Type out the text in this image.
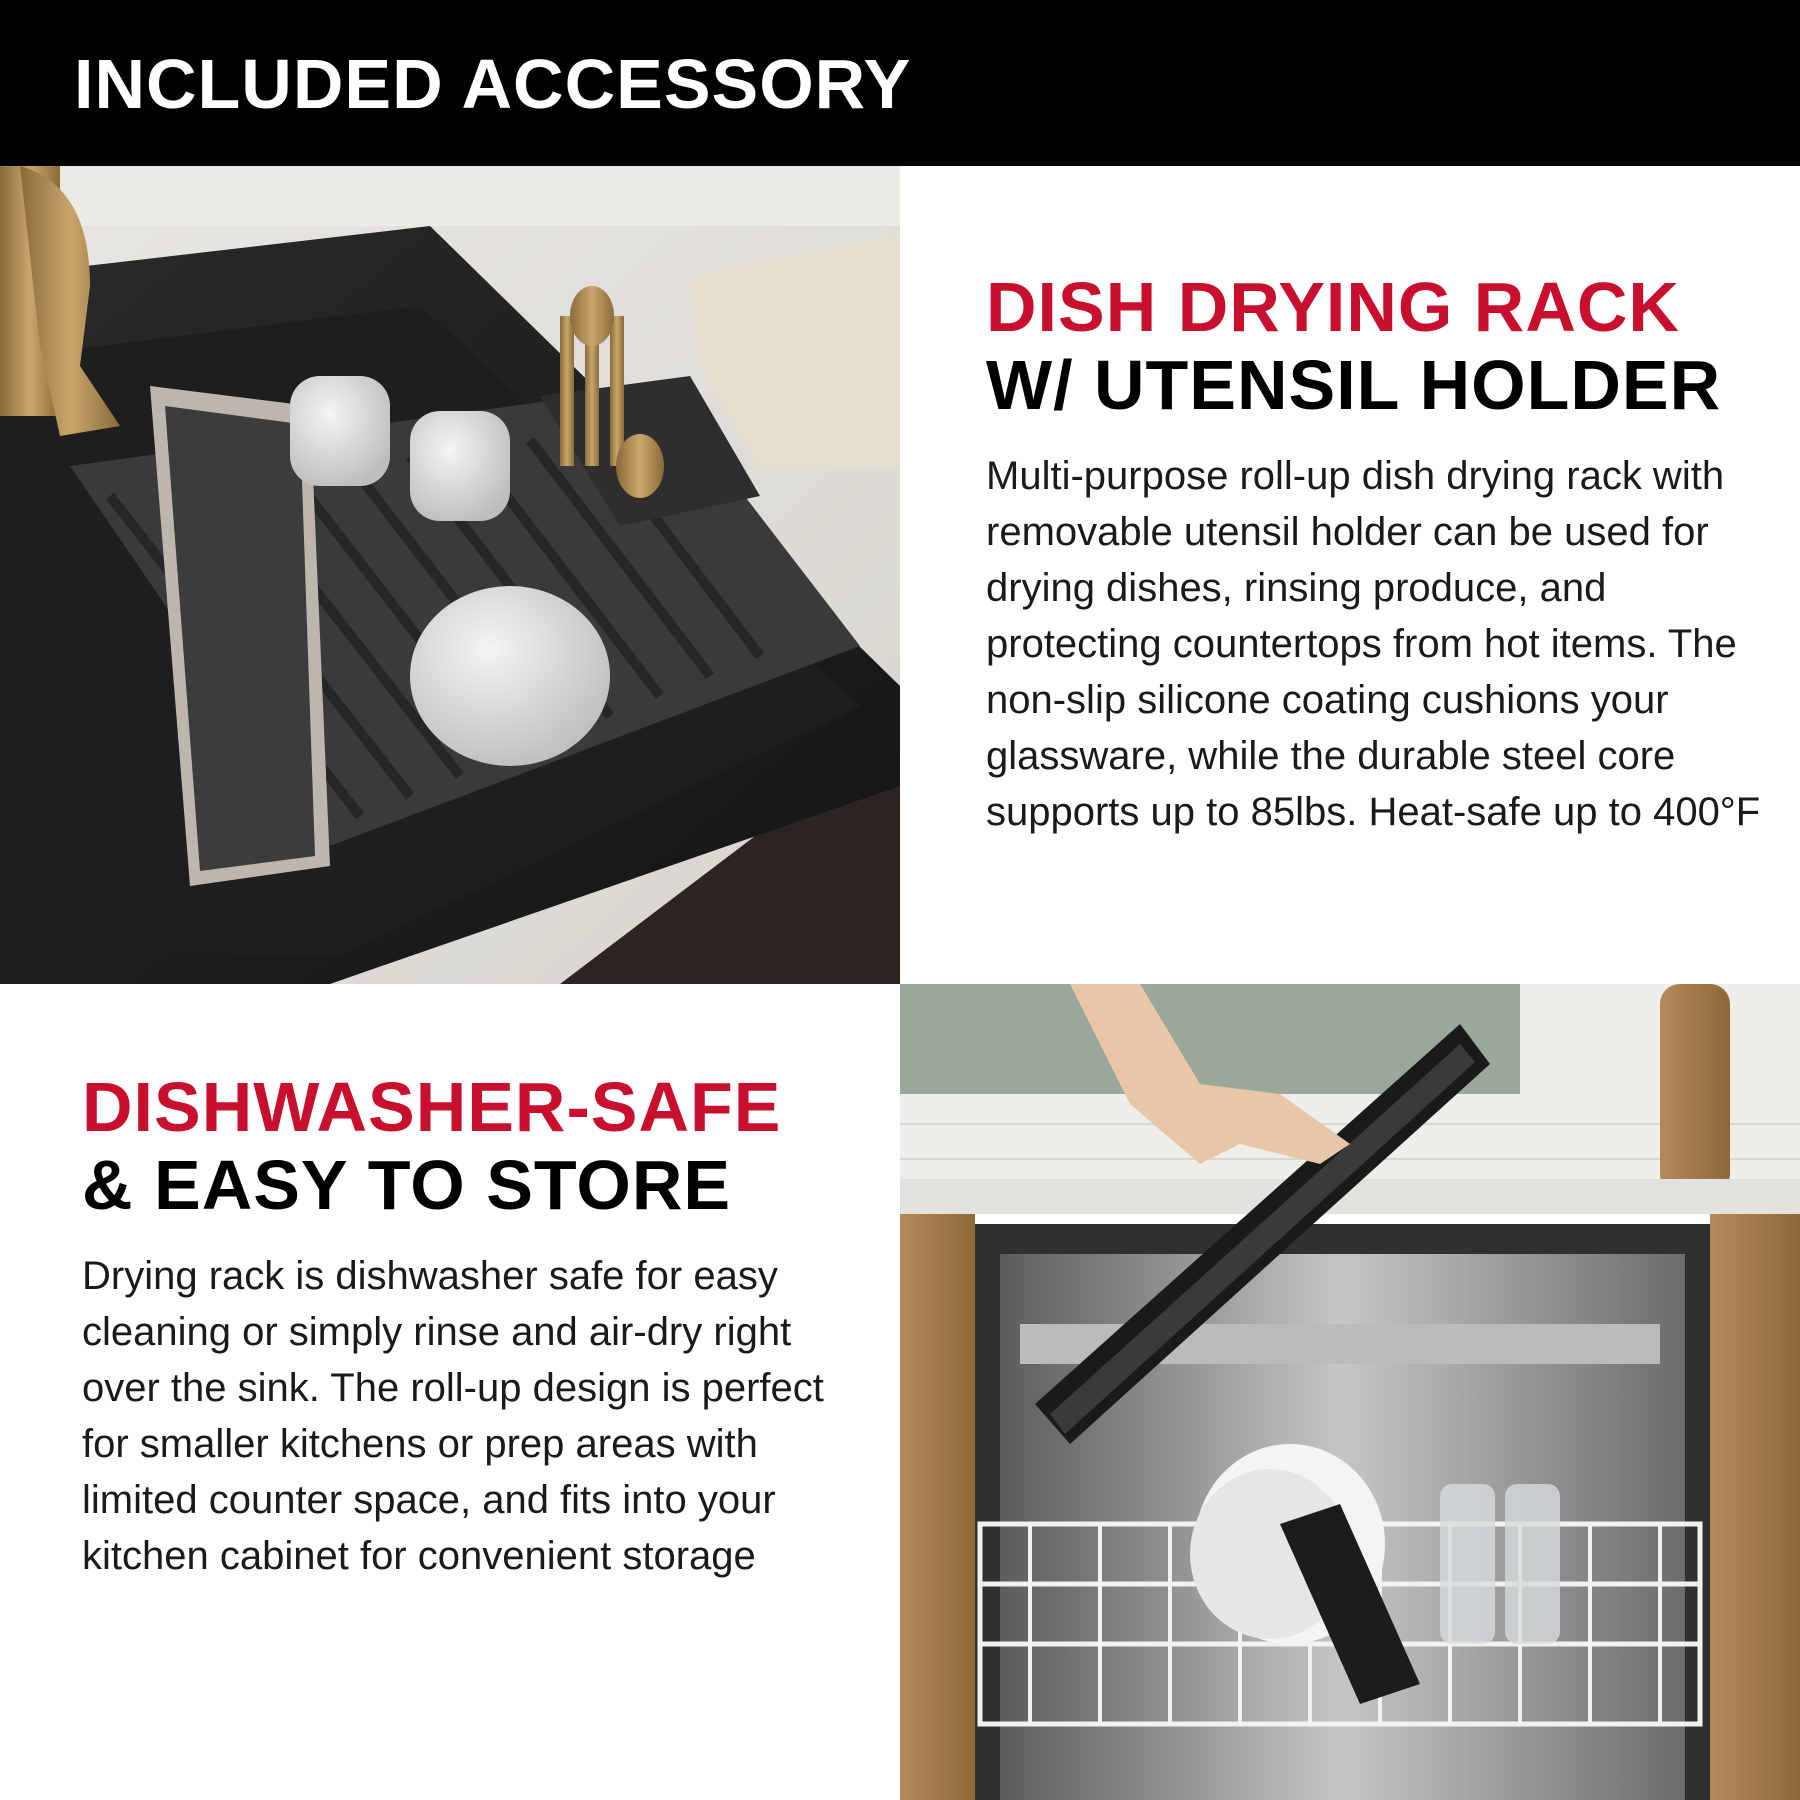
INCLUDED ACCESSORY
DISH DRYING RACK
W/ UTENSIL HOLDER

Multi-purpose roll-up dish drying rack with removable utensil holder can be used for drying dishes, rinsing produce, and protecting countertops from hot items. The non-slip silicone coating cushions your glassware, while the durable steel core supports up to 85lbs. Heat-safe up to 400°F

DISHWASHER-SAFE
& EASY TO STORE

Drying rack is dishwasher safe for easy cleaning or simply rinse and air-dry right over the sink. The roll-up design is perfect for smaller kitchens or prep areas with limited counter space, and fits into your kitchen cabinet for convenient storage
